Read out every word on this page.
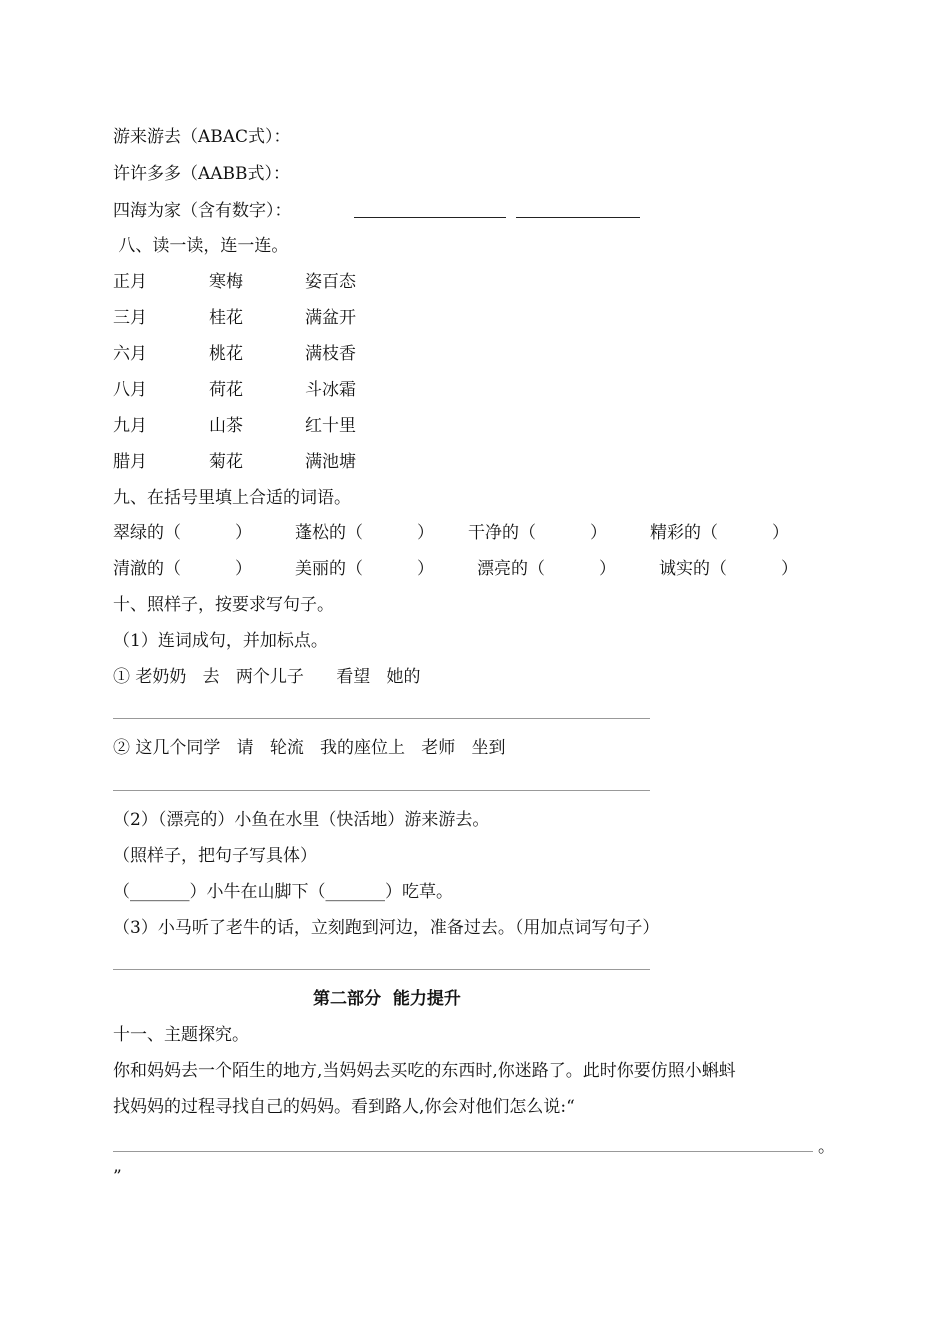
游来游去（ABAC式）：
许许多多（AABB式）：
四海为家（含有数字）：
八、读一读，连一连。
正月	寒梅	姿百态
三月	桂花	满盆开
六月	桃花	满枝香
八月	荷花	斗冰霜
九月	山茶	红十里
腊月	菊花	满池塘
九、在括号里填上合适的词语。
翠绿的（          ）	蓬松的（          ） 干净的（          ）	精彩的（          ）
清澈的（          ）	美丽的（          ）	漂亮的（          ）	诚实的（          ）
十、照样子，按要求写句子。
（1）连词成句，并加标点。
① 老奶奶   去   两个儿子      看望   她的
② 这几个同学   请   轮流   我的座位上   老师   坐到
（2）（漂亮的）小鱼在水里（快活地）游来游去。
（照样子，把句子写具体）
（_______）小牛在山脚下（_______）吃草。
（3）小马听了老牛的话，立刻跑到河边，准备过去。（用加点词写句子）
第二部分  能力提升
十一、主题探究。
你和妈妈去一个陌生的地方,当妈妈去买吃的东西时,你迷路了。此时你要仿照小蝌蚪
找妈妈的过程寻找自己的妈妈。看到路人,你会对他们怎么说:“
。
”
